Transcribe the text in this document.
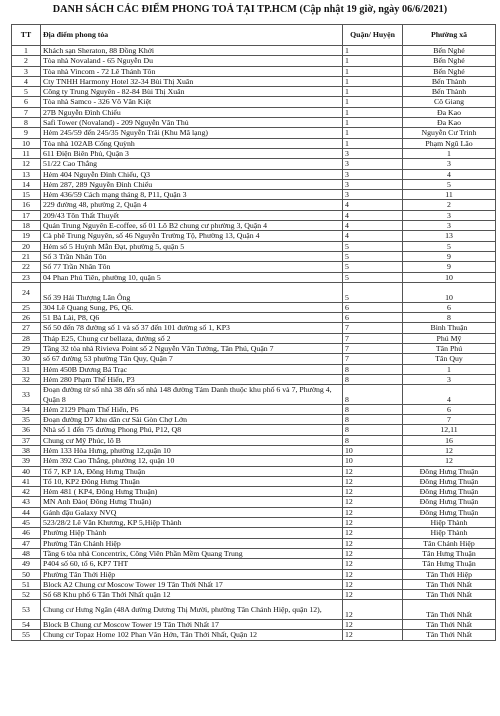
DANH SÁCH CÁC ĐIỂM PHONG TOẢ TẠI TP.HCM (Cập nhật 19 giờ, ngày 06/6/2021)
TT	Địa điểm phong tỏa	Quận/ Huyện	Phường xã
1	Khách sạn Sheraton, 88 Đồng Khởi	1	Bến Nghé
2	Tòa nhà Novaland - 65 Nguyễn Du	1	Bến Nghé
3	Tòa nhà Vincom - 72 Lê Thánh Tôn	1	Bến Nghé
4	Cty TNHH Harmony Hotel 32-34 Bùi Thị Xuân	1	Bến Thành
5	Công ty Trung Nguyên - 82-84 Bùi Thị Xuân	1	Bến Thành
6	Tòa nhà Samco - 326 Võ Văn Kiệt	1	Cô Giang
7	27B Nguyễn Đình Chiểu	1	Đa Kao
8	Safi Tower (Novaland) - 209 Nguyễn Văn Thủ	1	Đa Kao
9	Hẻm 245/59 đến 245/35 Nguyễn Trãi (Khu Mã lạng)	1	Nguyễn Cư Trinh
10	Tòa nhà 102AB Cống Quỳnh	1	Phạm Ngũ Lão
11	611 Điện Biên Phủ, Quận 3	3	1
12	51/22 Cao Thắng	3	3
13	Hẻm 404 Nguyễn Đình Chiểu, Q3	3	4
14	Hẻm 287, 289 Nguyễn Đình Chiểu	3	5
15	Hẻm 436/59 Cách mạng tháng 8, P11, Quận 3	3	11
16	229 đường 48, phường 2, Quận 4	4	2
17	209/43 Tôn Thất Thuyết	4	3
18	Quán Trung Nguyên E-coffee, số 01 Lô B2 chung cư phường 3, Quận 4	4	3
19	Cà phê Trung Nguyên, số 46 Nguyễn Trường Tộ, Phường 13, Quận 4	4	13
20	Hẻm số 5 Huỳnh Mẫn Đạt, phường 5, quận 5	5	5
21	Số 3 Trần Nhân Tôn	5	9
22	Số 77 Trần Nhân Tôn	5	9
23	04 Phan Phú Tiên, phường 10, quận 5	5	10
24	Số 39 Hải Thượng Lãn Ông	5	10
25	304 Lê Quang Sung, P6, Q6.	6	6
26	51 Bà Lài, P8, Q6	6	8
27	Số 50 đến 78 đường số 1 và số 37 đến 101 đường số 1, KP3	7	Bình Thuận
28	Tháp E25, Chung cư bellaza, đường số 2	7	Phú Mỹ
29	Tầng 32 tòa nhà Rivieva Point số 2 Nguyễn Văn Tưởng, Tân Phú, Quận 7	7	Tân Phú
30	số 67 đường 53 phường Tân Quy, Quận 7	7	Tân Quy
31	Hẻm 450B Dương Bá Trạc	8	1
32	Hẻm 280 Phạm Thế Hiển, P3	8	3
33	Đoạn đường từ số nhà 38 đến số nhà 148 đường Tám Danh thuộc khu phố 6 và 7, Phường 4, Quận 8	8	4
34	Hẻm 2129 Phạm Thế Hiển, P6	8	6
35	Đoạn đường D7 khu dân cư Sài Gòn Chợ Lớn	8	7
36	Nhà số 1 đến 75 đường Phong Phú, P12, Q8	8	12,11
37	Chung cư Mỹ Phúc, lô B	8	16
38	Hẻm 133 Hòa Hưng, phường 12,quận 10	10	12
39	Hẻm 392 Cao Thắng, phường 12, quận 10	10	12
40	Tổ 7, KP 1A, Đông Hưng Thuận	12	Đông Hưng Thuận
41	Tổ 10, KP2 Đông Hưng Thuận	12	Đông Hưng Thuận
42	Hẻm 481 ( KP4, Đông Hưng Thuận)	12	Đông Hưng Thuận
43	MN Anh Đào( Đông Hưng Thuận)	12	Đông Hưng Thuận
44	Gánh đậu Galaxy NVQ	12	Đông Hưng Thuận
45	523/28/2 Lê Văn Khương, KP 5,Hiệp Thành	12	Hiệp Thành
46	Phường Hiệp Thành	12	Hiệp Thành
47	Phường Tân Chánh Hiệp	12	Tân Chánh Hiệp
48	Tầng 6 tòa nhà Concentrix, Công Viên Phần Mềm Quang Trung	12	Tân Hưng Thuận
49	P404 số 60, tổ 6, KP7 THT	12	Tân Hưng Thuận
50	Phường Tân Thới Hiệp	12	Tân Thới Hiệp
51	Block A2 Chung cư Moscow Tower 19 Tân Thới Nhất 17	12	Tân Thới Nhất
52	Số 68 Khu phố 6 Tân Thới Nhất quận 12	12	Tân Thới Nhất
53	Chung cư Hưng Ngân (48A đường Dương Thị Mười, phường Tân Chánh Hiệp, quận 12),	12	Tân Thới Nhất
54	Block B Chung cư Moscow Tower 19 Tân Thới Nhất 17	12	Tân Thới Nhất
55	Chung cư Topaz Home 102 Phan Văn Hớn, Tân Thới Nhất, Quận 12	12	Tân Thới Nhất
